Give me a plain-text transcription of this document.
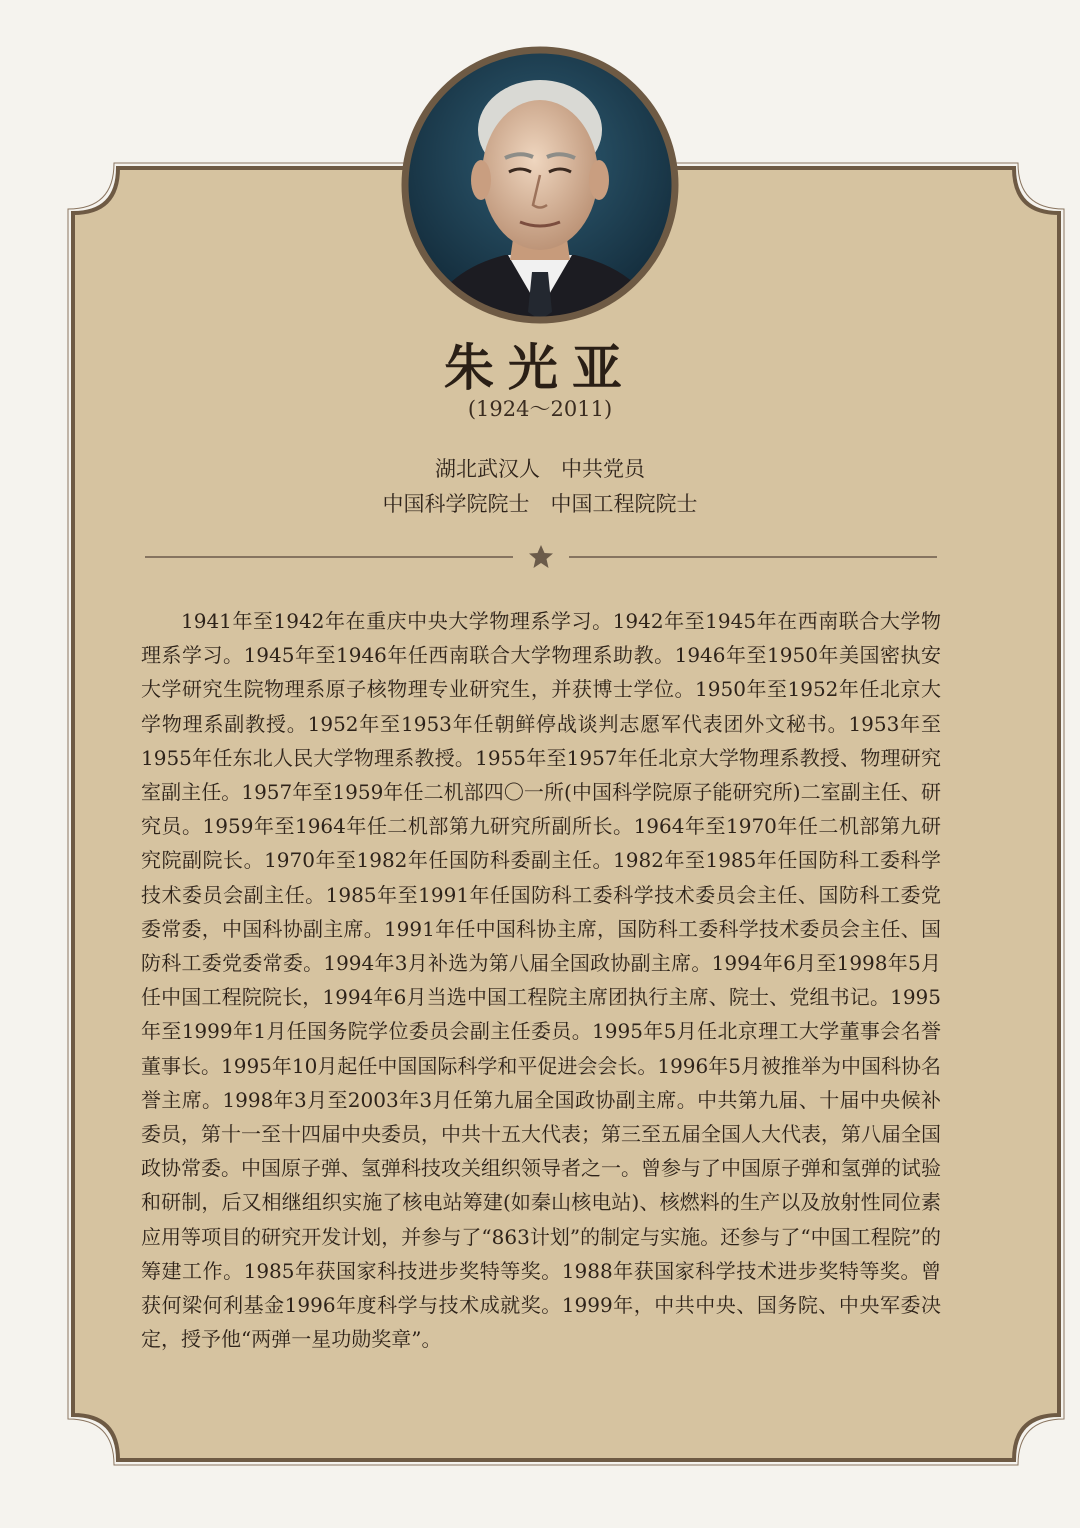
朱光亚
(1924～2011)
湖北武汉人　中共党员
中国科学院院士　中国工程院院士

1941年至1942年在重庆中央大学物理系学习。1942年至1945年在西南联合大学物理系学习。1945年至1946年任西南联合大学物理系助教。1946年至1950年美国密执安大学研究生院物理系原子核物理专业研究生，并获博士学位。1950年至1952年任北京大学物理系副教授。1952年至1953年任朝鲜停战谈判志愿军代表团外文秘书。1953年至1955年任东北人民大学物理系教授。1955年至1957年任北京大学物理系教授、物理研究室副主任。1957年至1959年任二机部四〇一所(中国科学院原子能研究所)二室副主任、研究员。1959年至1964年任二机部第九研究所副所长。1964年至1970年任二机部第九研究院副院长。1970年至1982年任国防科委副主任。1982年至1985年任国防科工委科学技术委员会副主任。1985年至1991年任国防科工委科学技术委员会主任、国防科工委党委常委，中国科协副主席。1991年任中国科协主席，国防科工委科学技术委员会主任、国防科工委党委常委。1994年3月补选为第八届全国政协副主席。1994年6月至1998年5月任中国工程院院长，1994年6月当选中国工程院主席团执行主席、院士、党组书记。1995年至1999年1月任国务院学位委员会副主任委员。1995年5月任北京理工大学董事会名誉董事长。1995年10月起任中国国际科学和平促进会会长。1996年5月被推举为中国科协名誉主席。1998年3月至2003年3月任第九届全国政协副主席。中共第九届、十届中央候补委员，第十一至十四届中央委员，中共十五大代表；第三至五届全国人大代表，第八届全国政协常委。中国原子弹、氢弹科技攻关组织领导者之一。曾参与了中国原子弹和氢弹的试验和研制，后又相继组织实施了核电站筹建(如秦山核电站)、核燃料的生产以及放射性同位素应用等项目的研究开发计划，并参与了“863计划”的制定与实施。还参与了“中国工程院”的筹建工作。1985年获国家科技进步奖特等奖。1988年获国家科学技术进步奖特等奖。曾获何梁何利基金1996年度科学与技术成就奖。1999年，中共中央、国务院、中央军委决定，授予他“两弹一星功勋奖章”。
